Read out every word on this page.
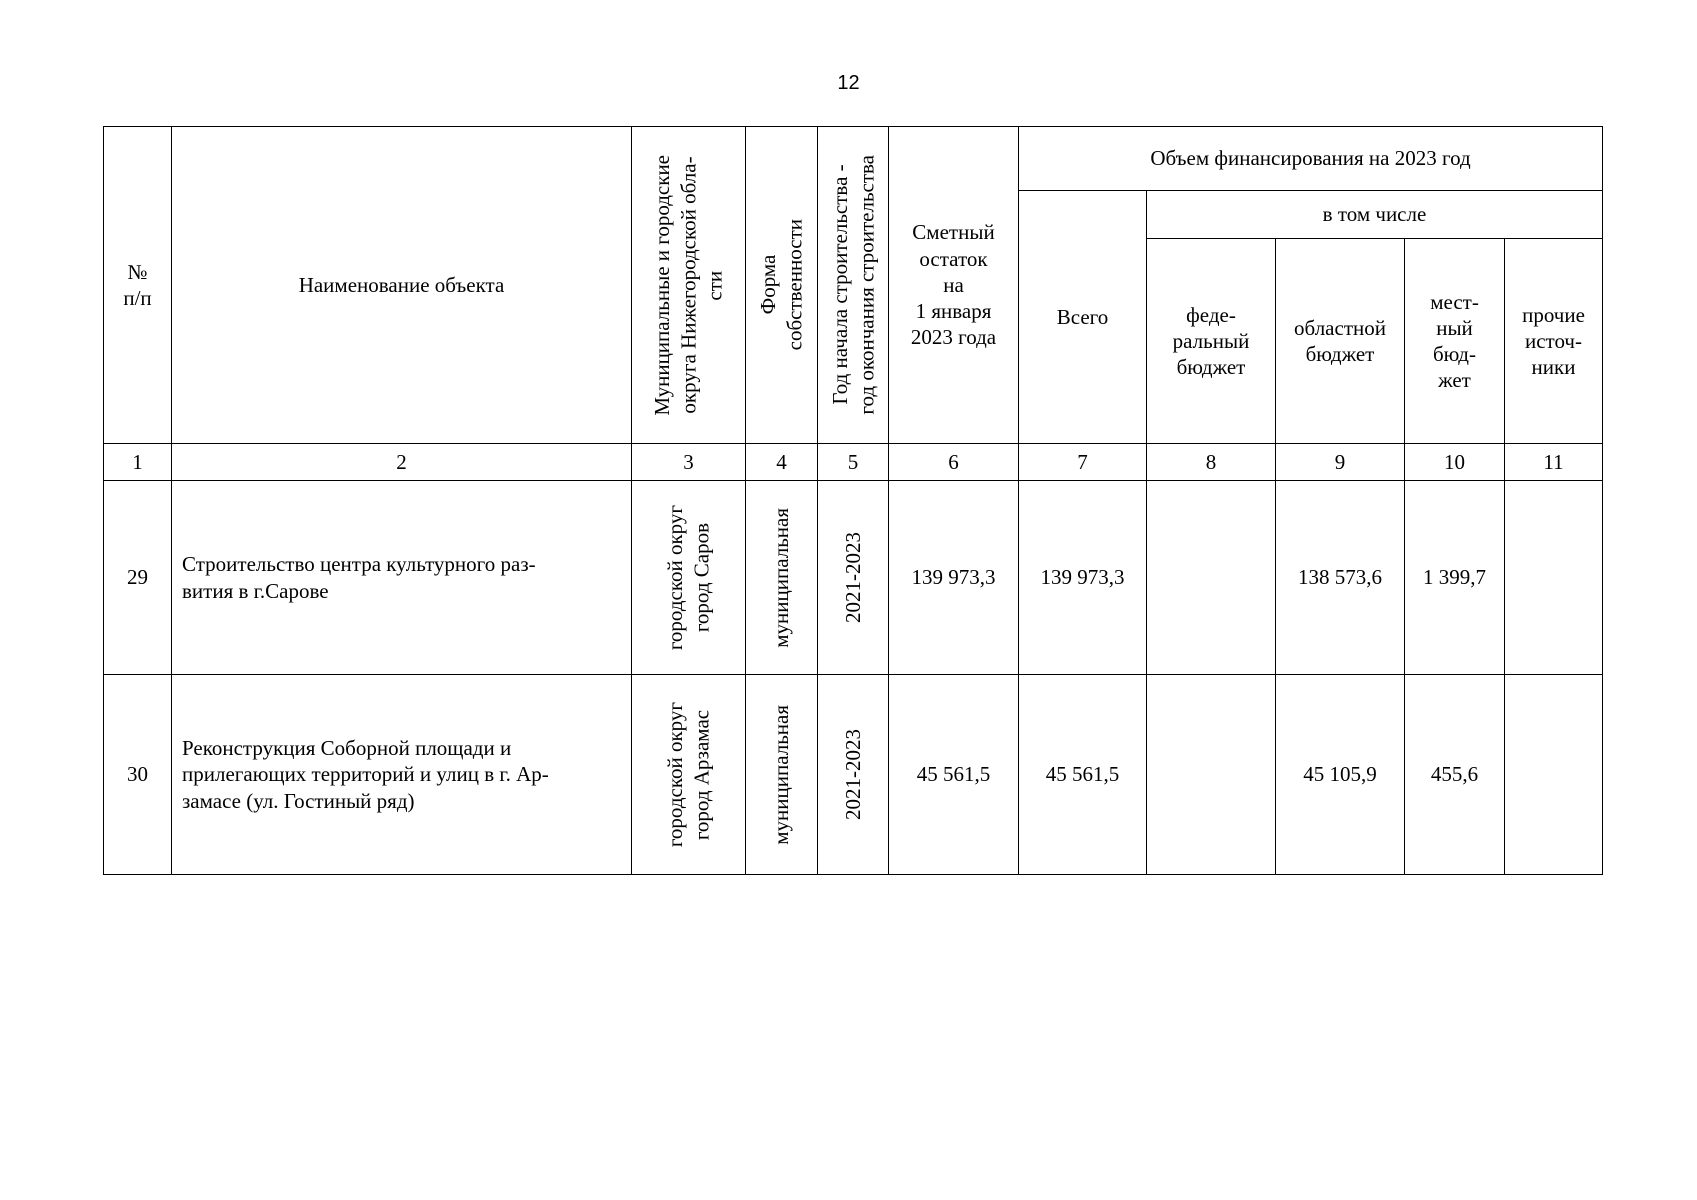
12
№
п/п	Наименование объекта	Муниципальные и городские
округа Нижегородской обла-
сти	Форма
собственности	Год начала строительства -
год окончания строительства	Сметный
остаток
на
1 января
2023 года	Объем финансирования на 2023 год				
						Всего	в том числе			
							феде-
ральный
бюджет	областной
бюджет	мест-
ный
бюд-
жет	прочие
источ-
ники
1	2	3	4	5	6	7	8	9	10	11
29	Строительство центра культурного раз-
вития в г.Сарове	городской округ
город Саров	муниципальная	2021-2023	139 973,3	139 973,3		138 573,6	1 399,7	
30	Реконструкция Соборной площади и
прилегающих территорий и улиц в г. Ар-
замасе (ул. Гостиный ряд)	городской округ
город Арзамас	муниципальная	2021-2023	45 561,5	45 561,5		45 105,9	455,6	
